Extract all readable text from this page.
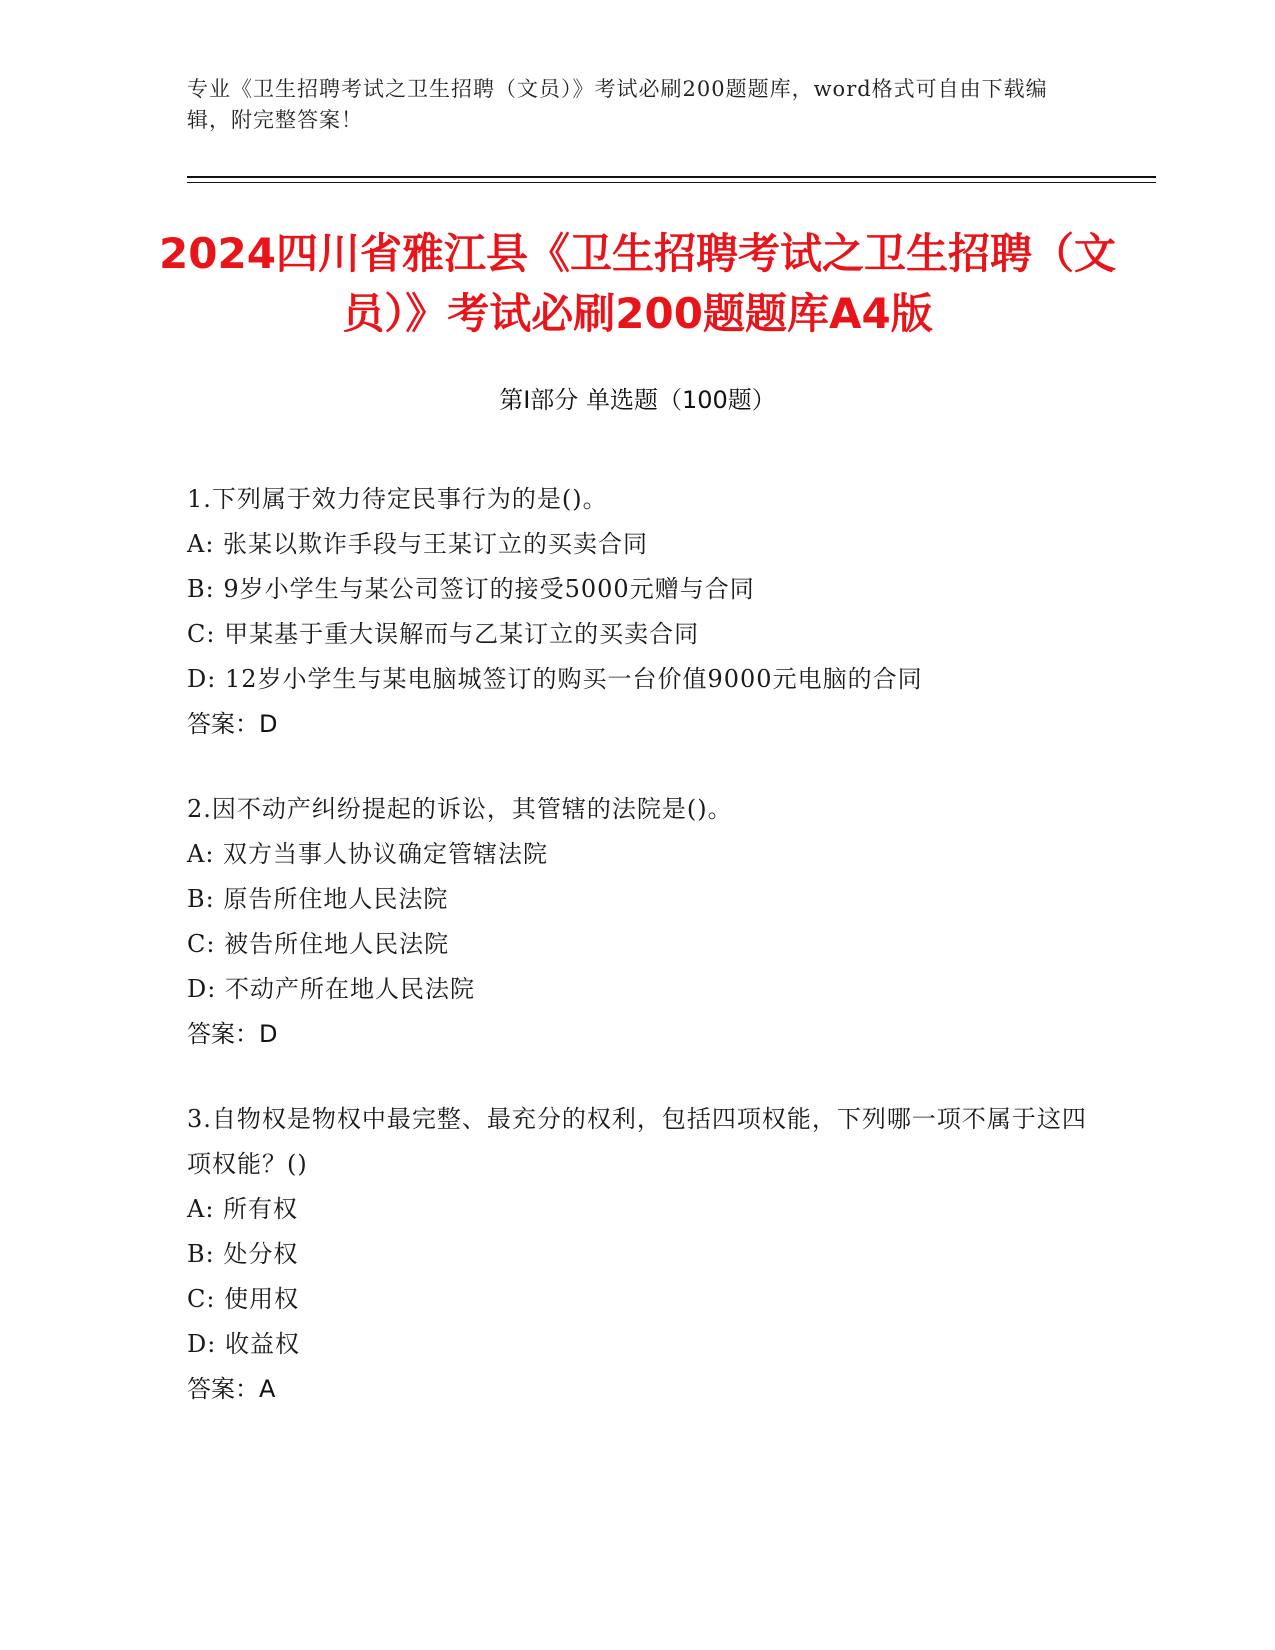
专业《卫生招聘考试之卫生招聘（文员）》考试必刷200题题库，word格式可自由下载编辑，附完整答案！
2024四川省雅江县《卫生招聘考试之卫生招聘（文员）》考试必刷200题题库A4版
第I部分 单选题（100题）
1.下列属于效力待定民事行为的是()。
A: 张某以欺诈手段与王某订立的买卖合同
B: 9岁小学生与某公司签订的接受5000元赠与合同
C: 甲某基于重大误解而与乙某订立的买卖合同
D: 12岁小学生与某电脑城签订的购买一台价值9000元电脑的合同
答案：D
2.因不动产纠纷提起的诉讼，其管辖的法院是()。
A: 双方当事人协议确定管辖法院
B: 原告所住地人民法院
C: 被告所住地人民法院
D: 不动产所在地人民法院
答案：D
3.自物权是物权中最完整、最充分的权利，包括四项权能，下列哪一项不属于这四项权能？()
A: 所有权
B: 处分权
C: 使用权
D: 收益权
答案：A
